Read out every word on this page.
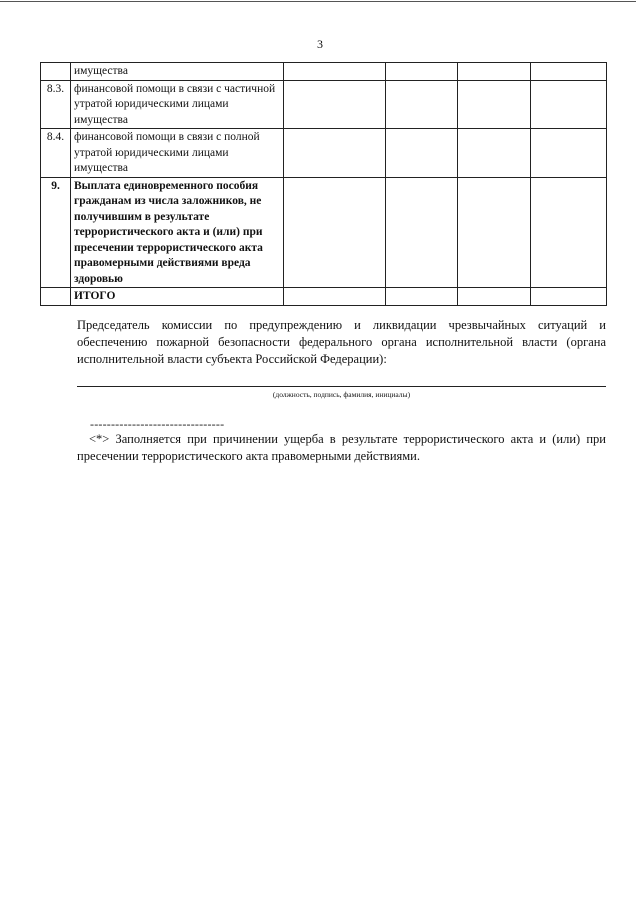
3
	имущества				
8.3.	финансовой помощи в связи с частичной утратой юридическими лицами имущества				
8.4.	финансовой помощи в связи с полной утратой юридическими лицами имущества				
9.	Выплата единовременного пособия гражданам из числа заложников, не получившим в результате террористического акта и (или) при пресечении террористического акта правомерными действиями вреда здоровью				
	ИТОГО				

Председатель комиссии по предупреждению и ликвидации чрезвычайных ситуаций и обеспечению пожарной безопасности федерального органа исполнительной власти (органа исполнительной власти субъекта Российской Федерации):

(должность, подпись, фамилия, инициалы)
--------------------------------

<*> Заполняется при причинении ущерба в результате террористического акта и (или) при пресечении террористического акта правомерными действиями.
